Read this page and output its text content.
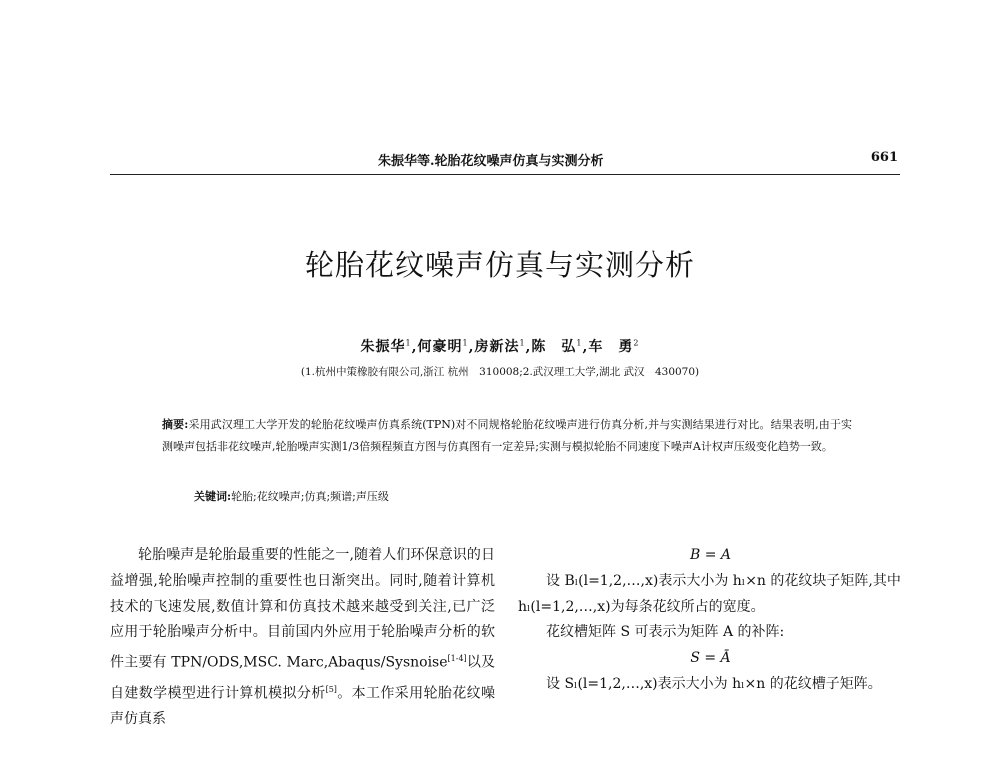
朱振华等.轮胎花纹噪声仿真与实测分析	661
轮胎花纹噪声仿真与实测分析
朱振华$^1$,何豪明$^1$,房新法$^1$,陈　弘$^1$,车　勇$^2$
(1.杭州中策橡胶有限公司,浙江 杭州　310008;2.武汉理工大学,湖北 武汉　430070)
摘要:采用武汉理工大学开发的轮胎花纹噪声仿真系统(TPN)对不同规格轮胎花纹噪声进行仿真分析,并与实测结果进行对比。结果表明,由于实测噪声包括非花纹噪声,轮胎噪声实测1/3倍频程频直方图与仿真图有一定差异;实测与模拟轮胎不同速度下噪声A计权声压级变化趋势一致。
关键词:轮胎;花纹噪声;仿真;频谱;声压级

轮胎噪声是轮胎最重要的性能之一,随着人们环保意识的日益增强,轮胎噪声控制的重要性也日渐突出。同时,随着计算机技术的飞速发展,数值计算和仿真技术越来越受到关注,已广泛应用于轮胎噪声分析中。目前国内外应用于轮胎噪声分析的软件主要有 TPN/ODS,MSC. Marc,Abaqus/Sysnoise[1-4]以及自建数学模型进行计算机模拟分析[5]。本工作采用轮胎花纹噪声仿真系

B = A

设 Bₗ(l=1,2,…,x)表示大小为 hₗ×n 的花纹块子矩阵,其中 hₗ(l=1,2,…,x)为每条花纹所占的宽度。

花纹槽矩阵 S 可表示为矩阵 A 的补阵:

S = Ā

设 Sₗ(l=1,2,…,x)表示大小为 hₗ×n 的花纹槽子矩阵。
